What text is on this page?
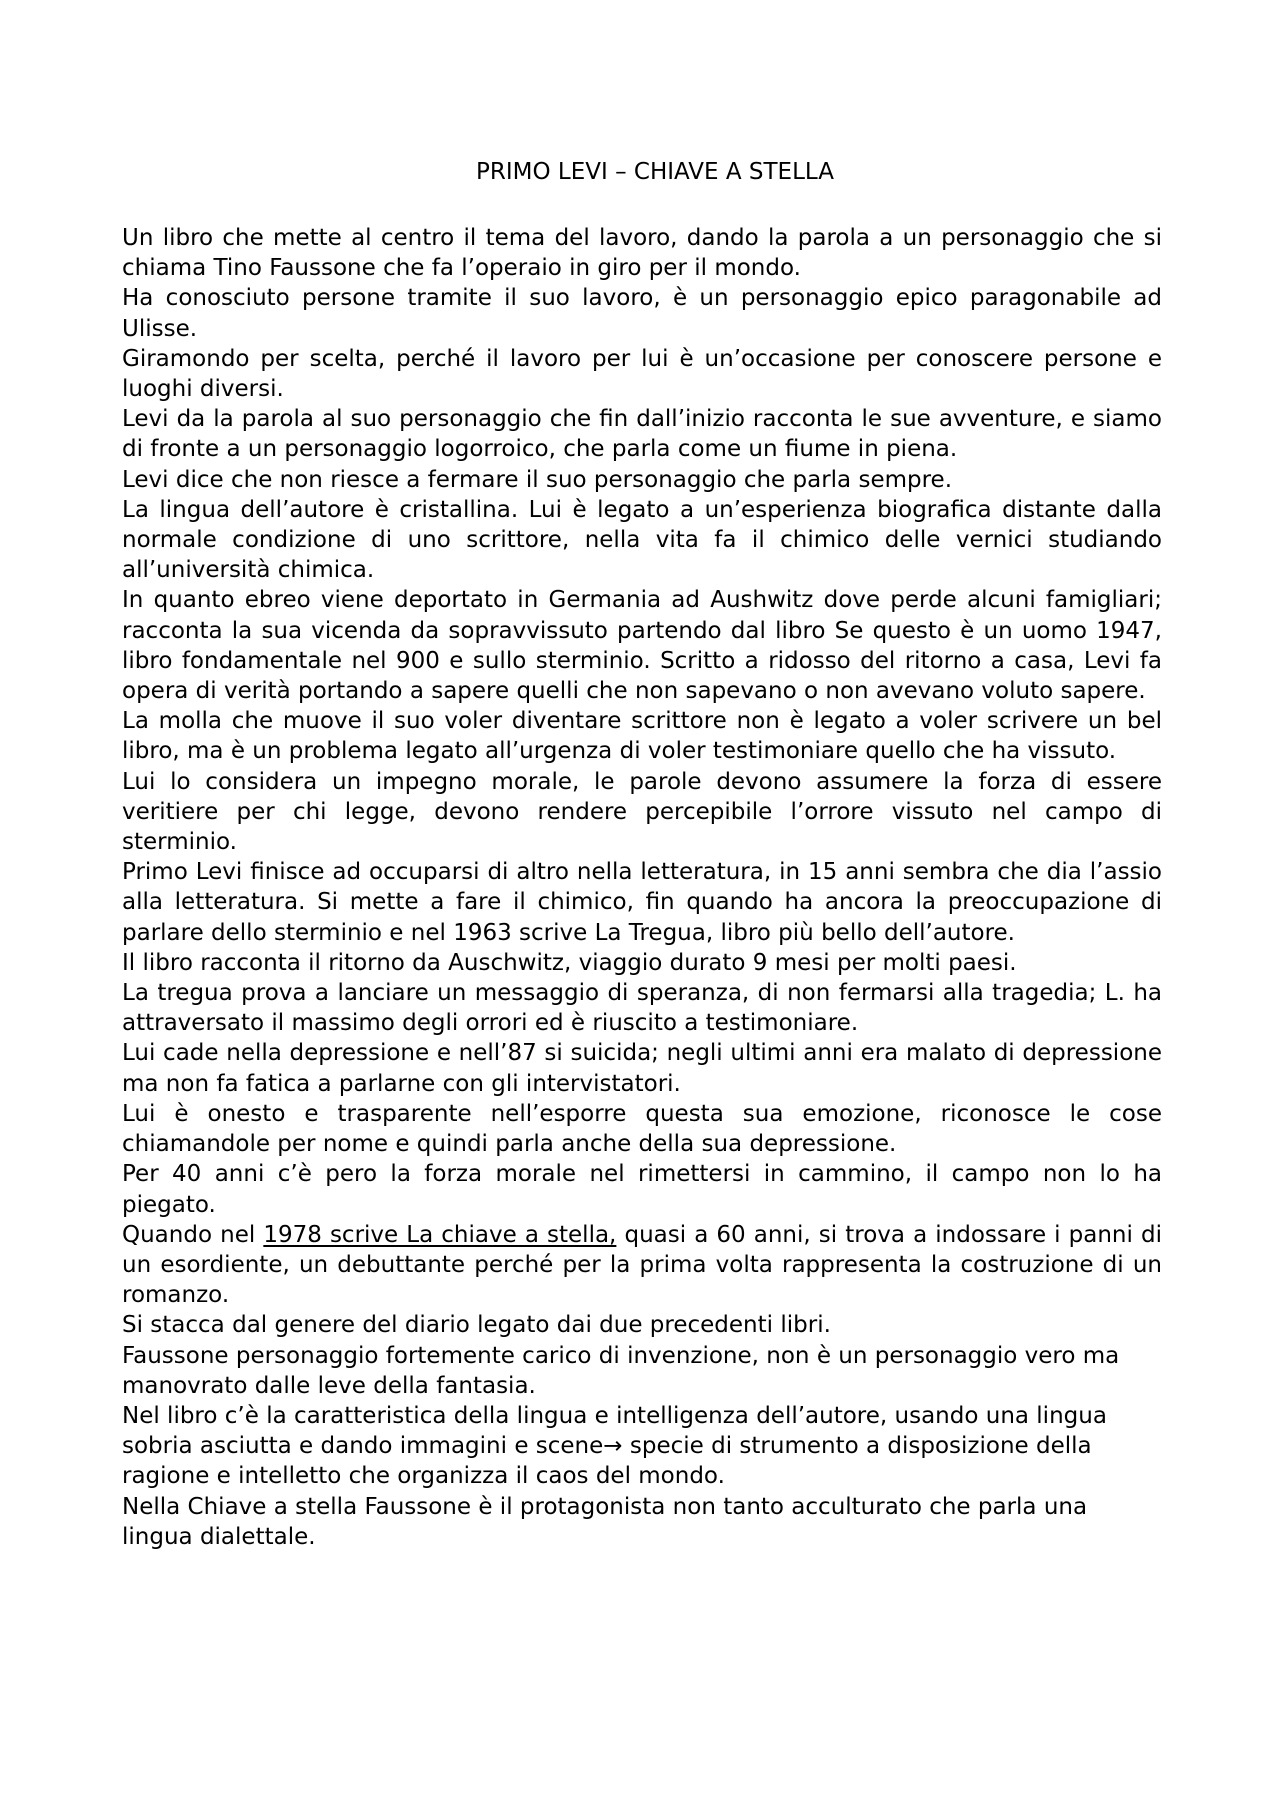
PRIMO LEVI – CHIAVE A STELLA

Un libro che mette al centro il tema del lavoro, dando la parola a un personaggio che si chiama Tino Faussone che fa l’operaio in giro per il mondo.

Ha conosciuto persone tramite il suo lavoro, è un personaggio epico paragonabile ad Ulisse.

Giramondo per scelta, perché il lavoro per lui è un’occasione per conoscere persone e luoghi diversi.

Levi da la parola al suo personaggio che fin dall’inizio racconta le sue avventure, e siamo di fronte a un personaggio logorroico, che parla come un fiume in piena.

Levi dice che non riesce a fermare il suo personaggio che parla sempre.

La lingua dell’autore è cristallina. Lui è legato a un’esperienza biografica distante dalla normale condizione di uno scrittore, nella vita fa il chimico delle vernici studiando all’università chimica.

In quanto ebreo viene deportato in Germania ad Aushwitz dove perde alcuni famigliari; racconta la sua vicenda da sopravvissuto partendo dal libro Se questo è un uomo 1947, libro fondamentale nel 900 e sullo sterminio. Scritto a ridosso del ritorno a casa, Levi fa opera di verità portando a sapere quelli che non sapevano o non avevano voluto sapere.

La molla che muove il suo voler diventare scrittore non è legato a voler scrivere un bel libro, ma è un problema legato all’urgenza di voler testimoniare quello che ha vissuto.

Lui lo considera un impegno morale, le parole devono assumere la forza di essere veritiere per chi legge, devono rendere percepibile l’orrore vissuto nel campo di sterminio.

Primo Levi finisce ad occuparsi di altro nella letteratura, in 15 anni sembra che dia l’assio alla letteratura. Si mette a fare il chimico, fin quando ha ancora la preoccupazione di parlare dello sterminio e nel 1963 scrive La Tregua, libro più bello dell’autore.

Il libro racconta il ritorno da Auschwitz, viaggio durato 9 mesi per molti paesi.

La tregua prova a lanciare un messaggio di speranza, di non fermarsi alla tragedia; L. ha attraversato il massimo degli orrori ed è riuscito a testimoniare.

Lui cade nella depressione e nell’87 si suicida; negli ultimi anni era malato di depressione ma non fa fatica a parlarne con gli intervistatori.

Lui è onesto e trasparente nell’esporre questa sua emozione, riconosce le cose chiamandole per nome e quindi parla anche della sua depressione.

Per 40 anni c’è pero la forza morale nel rimettersi in cammino, il campo non lo ha piegato.

Quando nel 1978 scrive La chiave a stella, quasi a 60 anni, si trova a indossare i panni di un esordiente, un debuttante perché per la prima volta rappresenta la costruzione di un romanzo.

Si stacca dal genere del diario legato dai due precedenti libri.

Faussone personaggio fortemente carico di invenzione, non è un personaggio vero ma manovrato dalle leve della fantasia.

Nel libro c’è la caratteristica della lingua e intelligenza dell’autore, usando una lingua sobria asciutta e dando immagini e scene→ specie di strumento a disposizione della ragione e intelletto che organizza il caos del mondo.

Nella Chiave a stella Faussone è il protagonista non tanto acculturato che parla una lingua dialettale.
